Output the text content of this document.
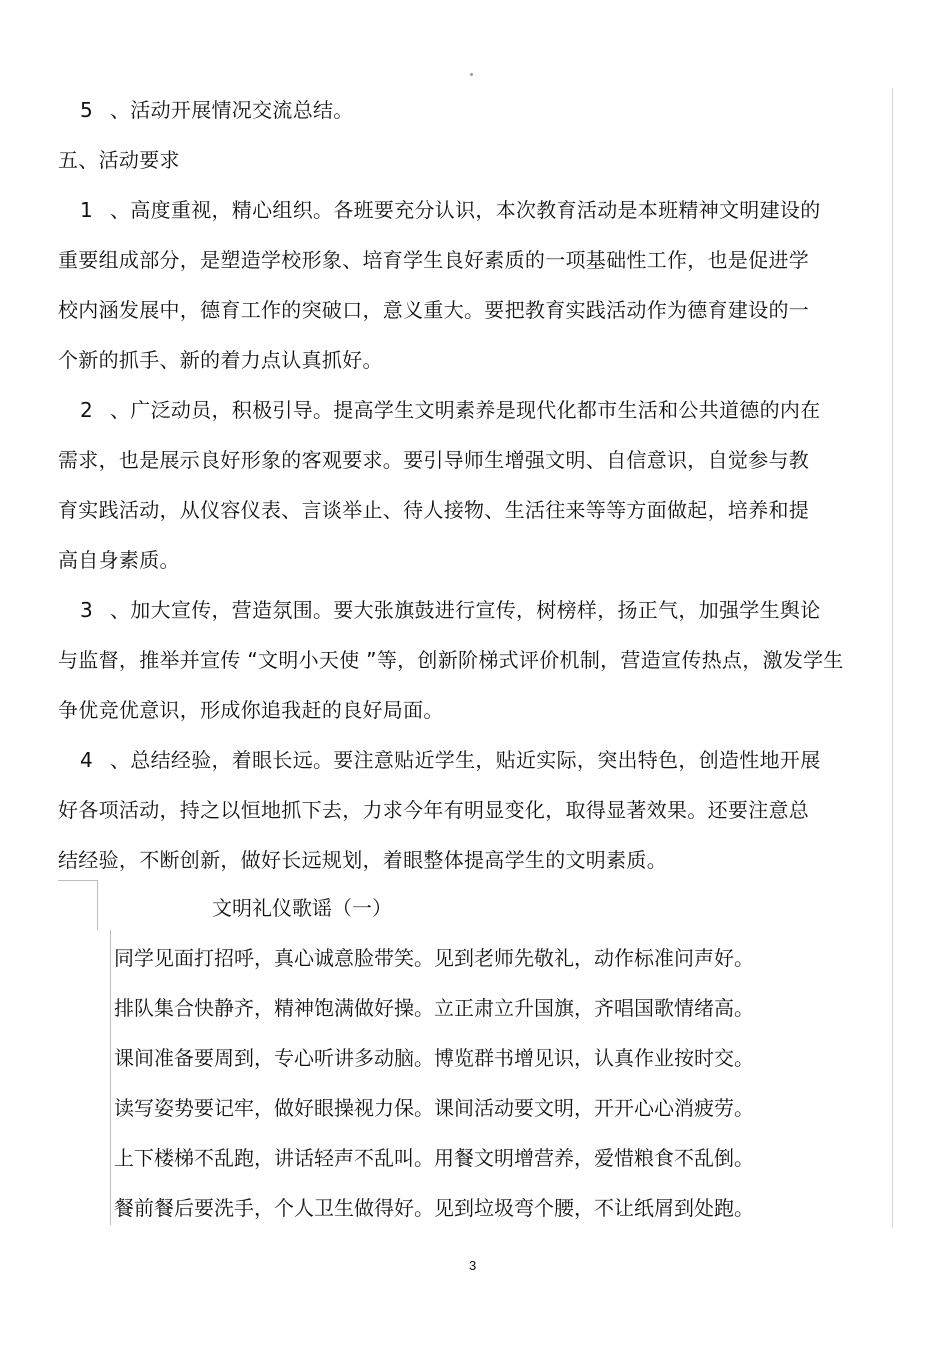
5 、活动开展情况交流总结。
五、活动要求
1 、高度重视，精心组织。各班要充分认识，本次教育活动是本班精神文明建设的
重要组成部分，是塑造学校形象、培育学生良好素质的一项基础性工作，也是促进学
校内涵发展中，德育工作的突破口，意义重大。要把教育实践活动作为德育建设的一
个新的抓手、新的着力点认真抓好。
2 、广泛动员，积极引导。提高学生文明素养是现代化都市生活和公共道德的内在
需求，也是展示良好形象的客观要求。要引导师生增强文明、自信意识，自觉参与教
育实践活动，从仪容仪表、言谈举止、待人接物、生活往来等等方面做起，培养和提
高自身素质。
3 、加大宣传，营造氛围。要大张旗鼓进行宣传，树榜样，扬正气，加强学生舆论
与监督，推举并宣传 “文明小天使 ”等，创新阶梯式评价机制，营造宣传热点，激发学生
争优竞优意识，形成你追我赶的良好局面。
4 、总结经验，着眼长远。要注意贴近学生，贴近实际，突出特色，创造性地开展
好各项活动，持之以恒地抓下去，力求今年有明显变化，取得显著效果。还要注意总
结经验，不断创新，做好长远规划，着眼整体提高学生的文明素质。
文明礼仪歌谣（一）
同学见面打招呼，真心诚意脸带笑。见到老师先敬礼，动作标准问声好。
排队集合快静齐，精神饱满做好操。立正肃立升国旗，齐唱国歌情绪高。
课间准备要周到，专心听讲多动脑。博览群书增见识，认真作业按时交。
读写姿势要记牢，做好眼操视力保。课间活动要文明，开开心心消疲劳。
上下楼梯不乱跑，讲话轻声不乱叫。用餐文明增营养，爱惜粮食不乱倒。
餐前餐后要洗手，个人卫生做得好。见到垃圾弯个腰，不让纸屑到处跑。
3
